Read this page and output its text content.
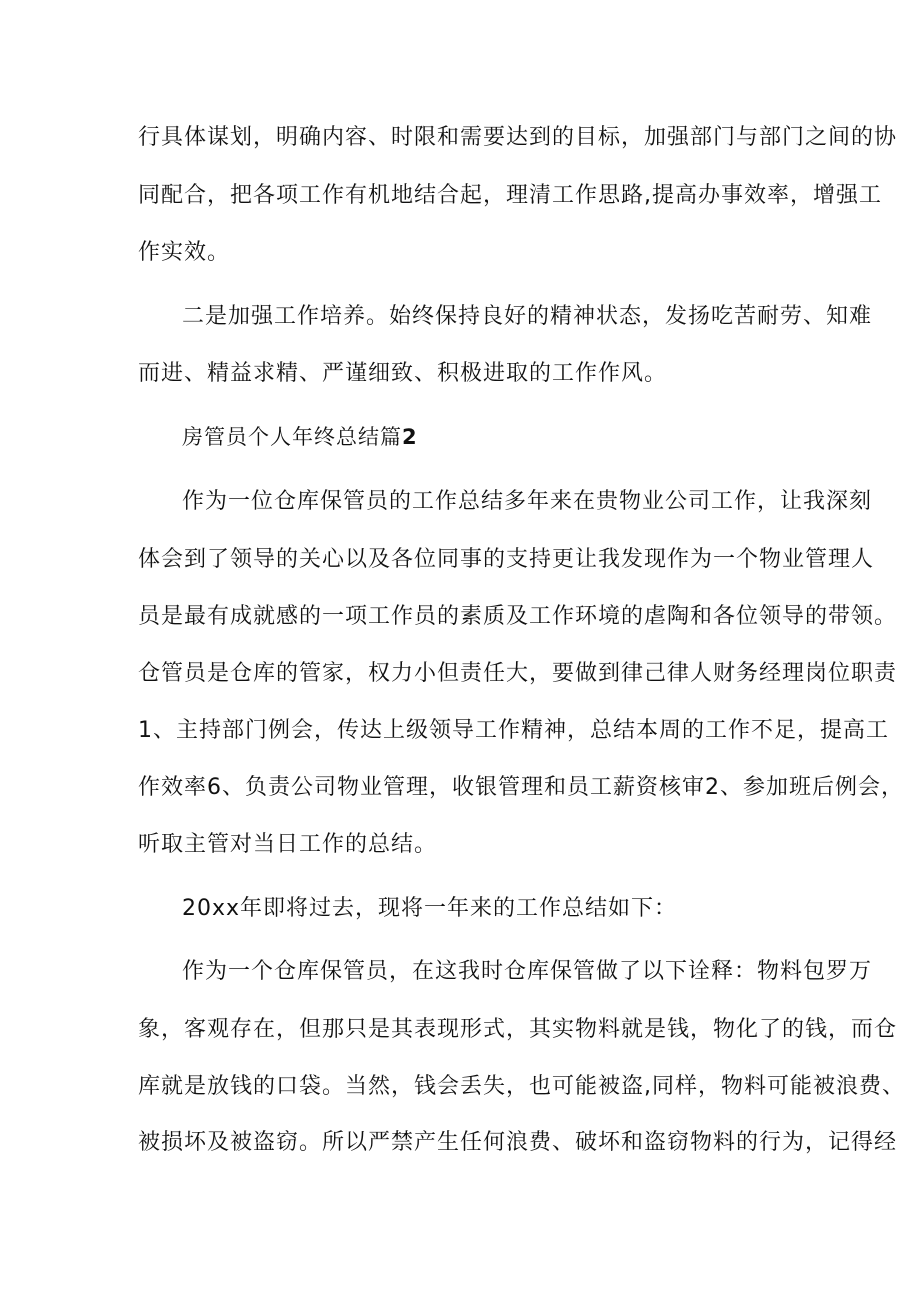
行具体谋划，明确内容、时限和需要达到的目标，加强部门与部门之间的协
同配合，把各项工作有机地结合起，理清工作思路,提高办事效率，增强工
作实效。
二是加强工作培养。始终保持良好的精神状态，发扬吃苦耐劳、知难
而进、精益求精、严谨细致、积极进取的工作作风。
房管员个人年终总结篇2
作为一位仓库保管员的工作总结多年来在贵物业公司工作，让我深刻
体会到了领导的关心以及各位同事的支持更让我发现作为一个物业管理人
员是最有成就感的一项工作员的素质及工作环境的虐陶和各位领导的带领。
仓管员是仓库的管家，权力小但责任大，要做到律己律人财务经理岗位职责
1、主持部门例会，传达上级领导工作精神，总结本周的工作不足，提高工
作效率6、负责公司物业管理，收银管理和员工薪资核审2、参加班后例会，
听取主管对当日工作的总结。
20xx年即将过去，现将一年来的工作总结如下：
作为一个仓库保管员，在这我时仓库保管做了以下诠释：物料包罗万
象，客观存在，但那只是其表现形式，其实物料就是钱，物化了的钱，而仓
库就是放钱的口袋。当然，钱会丢失，也可能被盗,同样，物料可能被浪费、
被损坏及被盗窃。所以严禁产生任何浪费、破坏和盗窃物料的行为，记得经
